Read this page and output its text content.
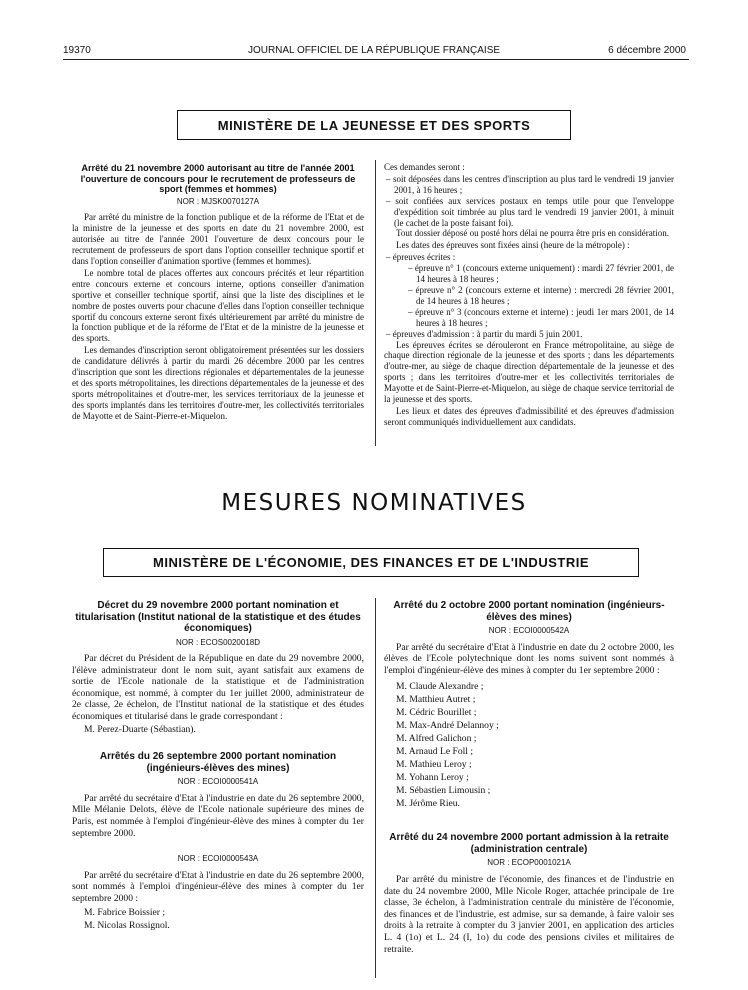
19370	JOURNAL OFFICIEL DE LA RÉPUBLIQUE FRANÇAISE	6 décembre 2000
MINISTÈRE DE LA JEUNESSE ET DES SPORTS
Arrêté du 21 novembre 2000 autorisant au titre de l'année 2001 l'ouverture de concours pour le recrutement de professeurs de sport (femmes et hommes)
NOR : MJSK0070127A

Par arrêté du ministre de la fonction publique et de la réforme de l'Etat et de la ministre de la jeunesse et des sports en date du 21 novembre 2000, est autorisée au titre de l'année 2001 l'ouverture de deux concours pour le recrutement de professeurs de sport dans l'option conseiller technique sportif et dans l'option conseiller d'animation sportive (femmes et hommes).

Le nombre total de places offertes aux concours précités et leur répartition entre concours externe et concours interne, options conseiller d'animation sportive et conseiller technique sportif, ainsi que la liste des disciplines et le nombre de postes ouverts pour chacune d'elles dans l'option conseiller technique sportif du concours externe seront fixés ultérieurement par arrêté du ministre de la fonction publique et de la réforme de l'Etat et de la ministre de la jeunesse et des sports.

Les demandes d'inscription seront obligatoirement présentées sur les dossiers de candidature délivrés à partir du mardi 26 décembre 2000 par les centres d'inscription que sont les directions régionales et départementales de la jeunesse et des sports métropolitaines, les directions départementales de la jeunesse et des sports métropolitaines et d'outre-mer, les services territoriaux de la jeunesse et des sports implantés dans les territoires d'outre-mer, les collectivités territoriales de Mayotte et de Saint-Pierre-et-Miquelon.

Ces demandes seront :

– soit déposées dans les centres d'inscription au plus tard le vendredi 19 janvier 2001, à 16 heures ;
– soit confiées aux services postaux en temps utile pour que l'enveloppe d'expédition soit timbrée au plus tard le vendredi 19 janvier 2001, à minuit (le cachet de la poste faisant foi).

Tout dossier déposé ou posté hors délai ne pourra être pris en considération.

Les dates des épreuves sont fixées ainsi (heure de la métropole) :

– épreuves écrites :
– épreuve n° 1 (concours externe uniquement) : mardi 27 février 2001, de 14 heures à 18 heures ;
– épreuve n° 2 (concours externe et interne) : mercredi 28 février 2001, de 14 heures à 18 heures ;
– épreuve n° 3 (concours externe et interne) : jeudi 1er mars 2001, de 14 heures à 18 heures ;
– épreuves d'admission : à partir du mardi 5 juin 2001.

Les épreuves écrites se dérouleront en France métropolitaine, au siège de chaque direction régionale de la jeunesse et des sports ; dans les départements d'outre-mer, au siège de chaque direction départementale de la jeunesse et des sports ; dans les territoires d'outre-mer et les collectivités territoriales de Mayotte et de Saint-Pierre-et-Miquelon, au siège de chaque service territorial de la jeunesse et des sports.

Les lieux et dates des épreuves d'admissibilité et des épreuves d'admission seront communiqués individuellement aux candidats.

MESURES NOMINATIVES
MINISTÈRE DE L'ÉCONOMIE, DES FINANCES ET DE L'INDUSTRIE
Décret du 29 novembre 2000 portant nomination et titularisation (Institut national de la statistique et des études économiques)
NOR : ECOS0020018D

Par décret du Président de la République en date du 29 novembre 2000, l'élève administrateur dont le nom suit, ayant satisfait aux examens de sortie de l'Ecole nationale de la statistique et de l'administration économique, est nommé, à compter du 1er juillet 2000, administrateur de 2e classe, 2e échelon, de l'Institut national de la statistique et des études économiques et titularisé dans le grade correspondant :

M. Perez-Duarte (Sébastian).

Arrêtés du 26 septembre 2000 portant nomination (ingénieurs-élèves des mines)
NOR : ECOI0000541A

Par arrêté du secrétaire d'Etat à l'industrie en date du 26 septembre 2000, Mlle Mélanie Delots, élève de l'Ecole nationale supérieure des mines de Paris, est nommée à l'emploi d'ingénieur-élève des mines à compter du 1er septembre 2000.

NOR : ECOI0000543A

Par arrêté du secrétaire d'Etat à l'industrie en date du 26 septembre 2000, sont nommés à l'emploi d'ingénieur-élève des mines à compter du 1er septembre 2000 :

M. Fabrice Boissier ;
M. Nicolas Rossignol.
Arrêté du 2 octobre 2000 portant nomination (ingénieurs-élèves des mines)
NOR : ECOI0000542A

Par arrêté du secrétaire d'Etat à l'industrie en date du 2 octobre 2000, les élèves de l'Ecole polytechnique dont les noms suivent sont nommés à l'emploi d'ingénieur-élève des mines à compter du 1er septembre 2000 :

M. Claude Alexandre ;
M. Matthieu Autret ;
M. Cédric Bourillet ;
M. Max-André Delannoy ;
M. Alfred Galichon ;
M. Arnaud Le Foll ;
M. Mathieu Leroy ;
M. Yohann Leroy ;
M. Sébastien Limousin ;
M. Jérôme Rieu.
Arrêté du 24 novembre 2000 portant admission à la retraite (administration centrale)
NOR : ECOP0001021A

Par arrêté du ministre de l'économie, des finances et de l'industrie en date du 24 novembre 2000, Mlle Nicole Roger, attachée principale de 1re classe, 3e échelon, à l'administration centrale du ministère de l'économie, des finances et de l'industrie, est admise, sur sa demande, à faire valoir ses droits à la retraite à compter du 3 janvier 2001, en application des articles L. 4 (1o) et L. 24 (I, 1o) du code des pensions civiles et militaires de retraite.
